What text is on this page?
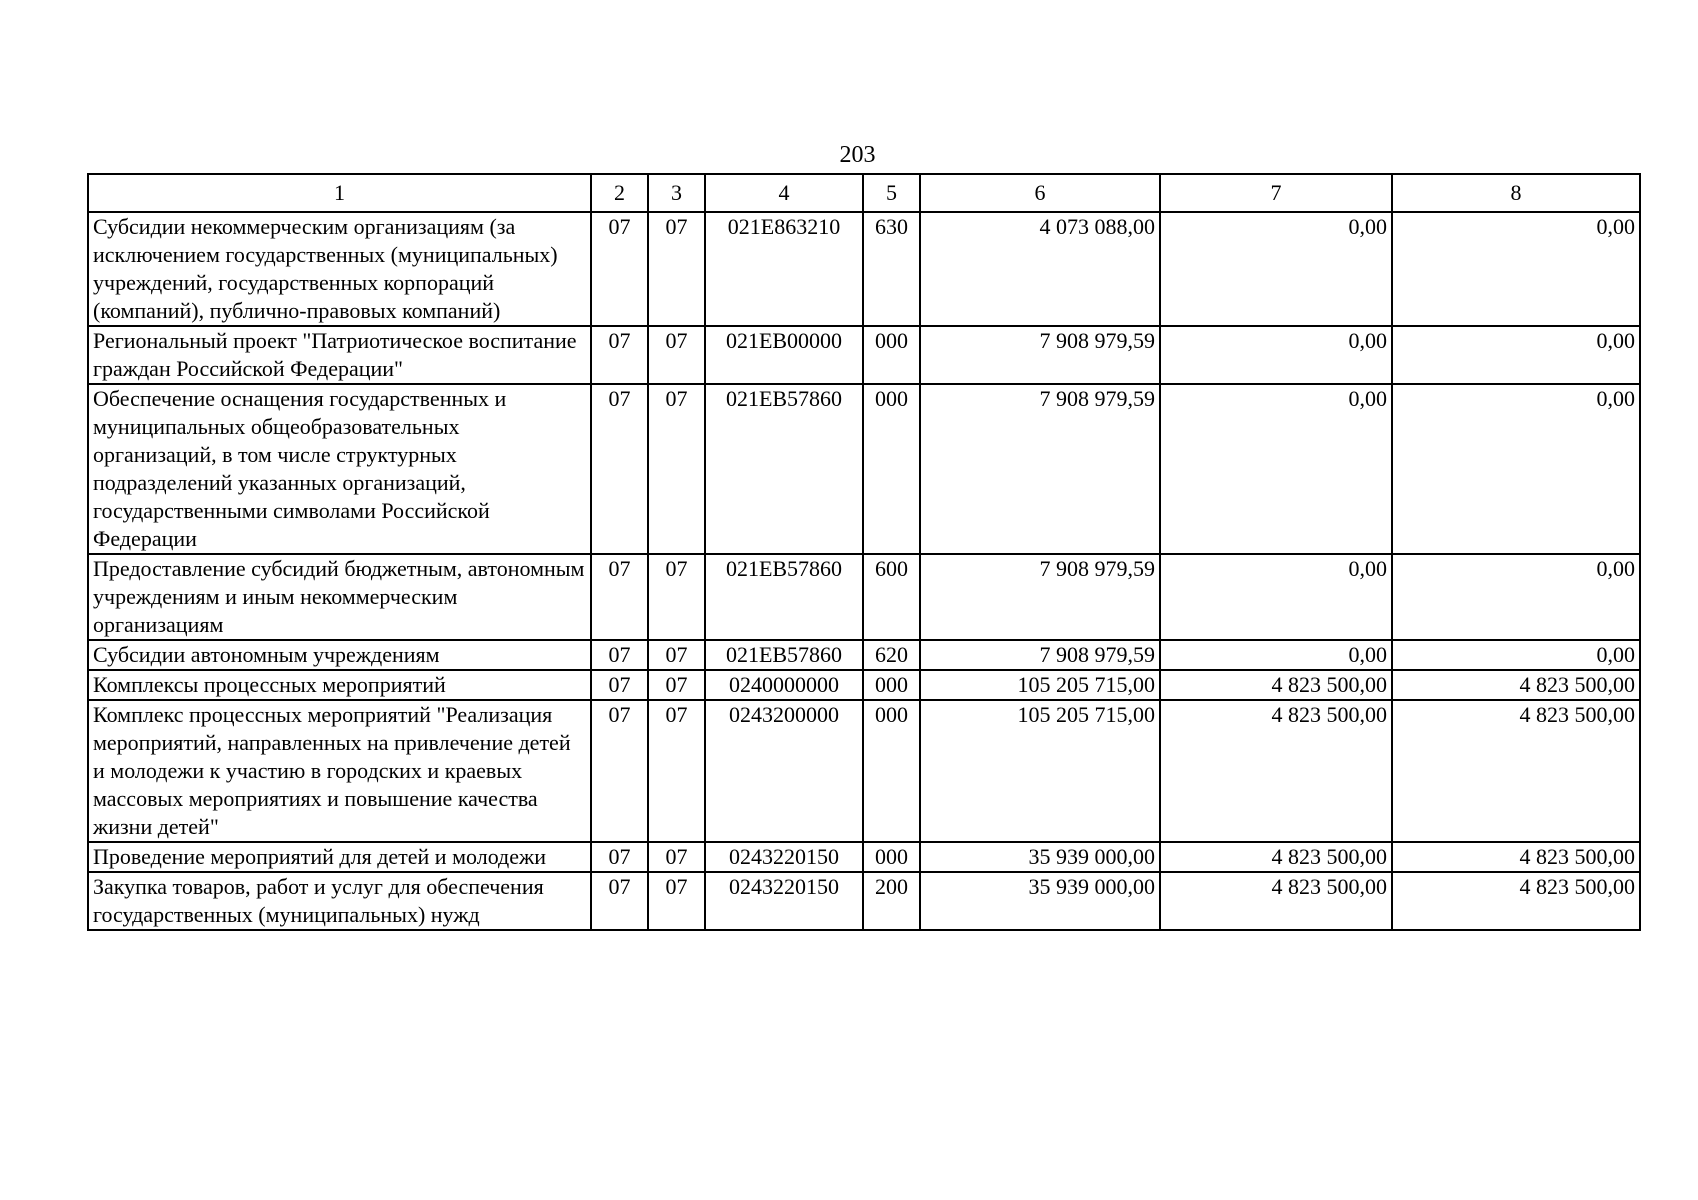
203
1	2	3	4	5	6	7	8
Субсидии некоммерческим организациям (за исключением государственных (муниципальных) учреждений, государственных корпораций (компаний), публично-правовых компаний)	07	07	021E863210	630	4 073 088,00	0,00	0,00
Региональный проект "Патриотическое воспитание граждан Российской Федерации"	07	07	021EB00000	000	7 908 979,59	0,00	0,00
Обеспечение оснащения государственных и муниципальных общеобразовательных организаций, в том числе структурных подразделений указанных организаций, государственными символами Российской Федерации	07	07	021EB57860	000	7 908 979,59	0,00	0,00
Предоставление субсидий бюджетным, автономным учреждениям и иным некоммерческим организациям	07	07	021EB57860	600	7 908 979,59	0,00	0,00
Субсидии автономным учреждениям	07	07	021EB57860	620	7 908 979,59	0,00	0,00
Комплексы процессных мероприятий	07	07	0240000000	000	105 205 715,00	4 823 500,00	4 823 500,00
Комплекс процессных мероприятий "Реализация мероприятий, направленных на привлечение детей и молодежи к участию в городских и краевых массовых мероприятиях и повышение качества жизни детей"	07	07	0243200000	000	105 205 715,00	4 823 500,00	4 823 500,00
Проведение мероприятий для детей и молодежи	07	07	0243220150	000	35 939 000,00	4 823 500,00	4 823 500,00
Закупка товаров, работ и услуг для обеспечения государственных (муниципальных) нужд	07	07	0243220150	200	35 939 000,00	4 823 500,00	4 823 500,00
